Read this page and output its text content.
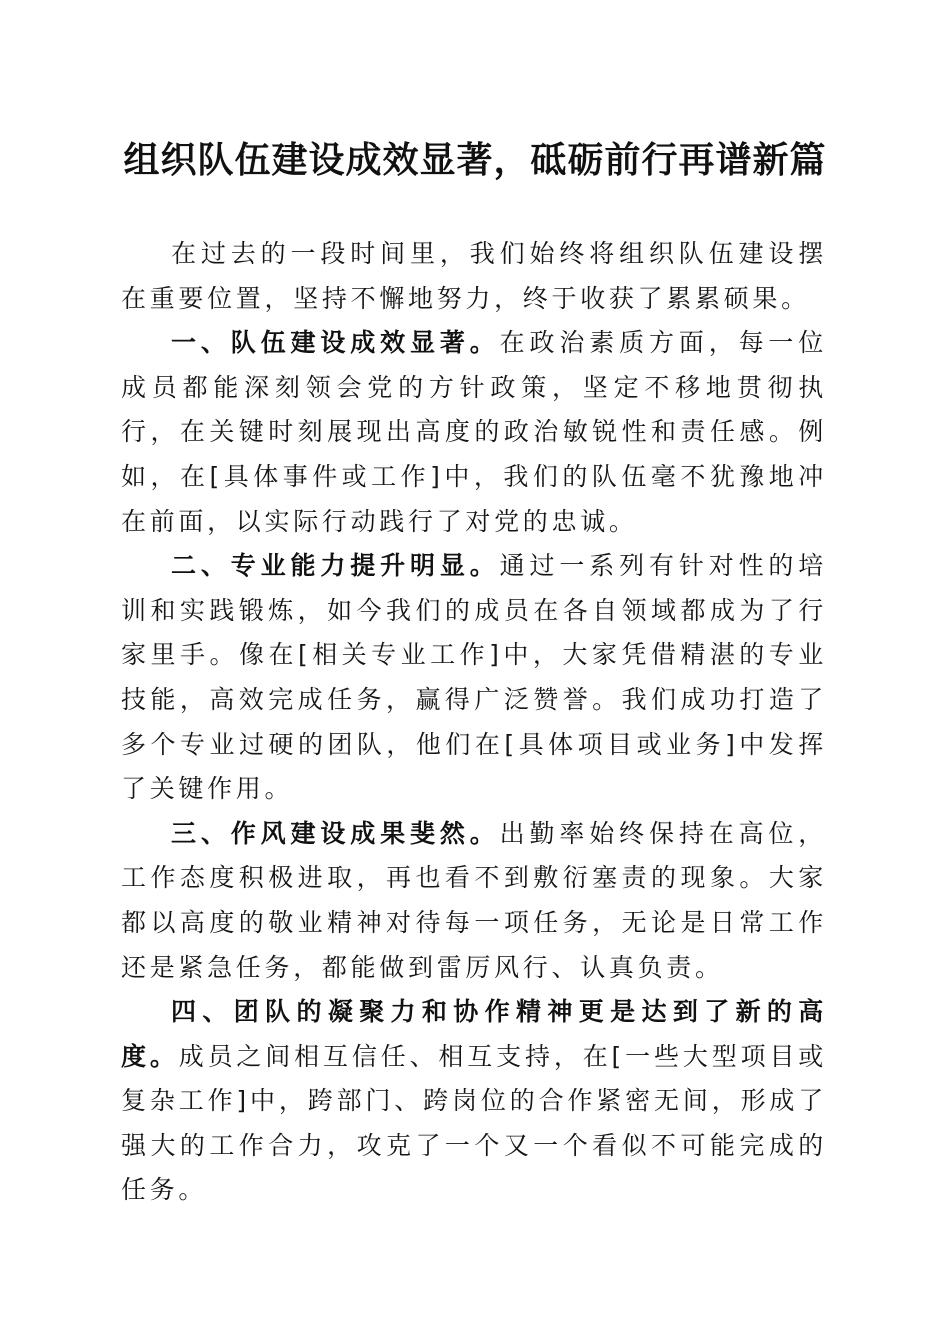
组织队伍建设成效显著，砥砺前行再谱新篇

在过去的一段时间里，我们始终将组织队伍建设摆在重要位置，坚持不懈地努力，终于收获了累累硕果。

一、队伍建设成效显著。在政治素质方面，每一位成员都能深刻领会党的方针政策，坚定不移地贯彻执行，在关键时刻展现出高度的政治敏锐性和责任感。例如，在[具体事件或工作]中，我们的队伍毫不犹豫地冲在前面，以实际行动践行了对党的忠诚。

二、专业能力提升明显。通过一系列有针对性的培训和实践锻炼，如今我们的成员在各自领域都成为了行家里手。像在[相关专业工作]中，大家凭借精湛的专业技能，高效完成任务，赢得广泛赞誉。我们成功打造了多个专业过硬的团队，他们在[具体项目或业务]中发挥了关键作用。

三、作风建设成果斐然。出勤率始终保持在高位，工作态度积极进取，再也看不到敷衍塞责的现象。大家都以高度的敬业精神对待每一项任务，无论是日常工作还是紧急任务，都能做到雷厉风行、认真负责。

四、团队的凝聚力和协作精神更是达到了新的高度。成员之间相互信任、相互支持，在[一些大型项目或复杂工作]中，跨部门、跨岗位的合作紧密无间，形成了强大的工作合力，攻克了一个又一个看似不可能完成的任务。
